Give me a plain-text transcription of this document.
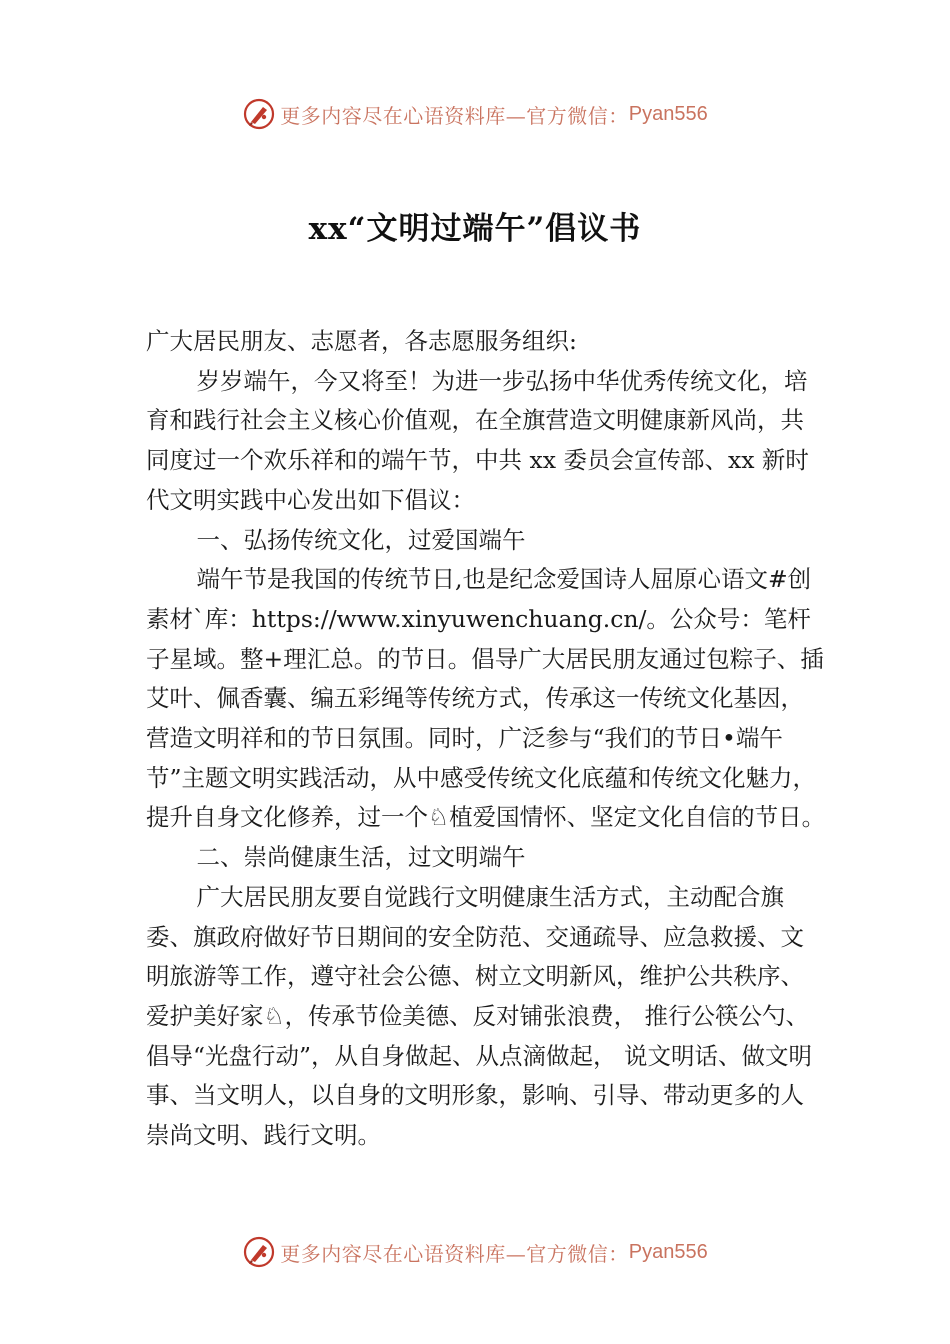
更多内容尽在心语资料库—官方微信： Pyan556
xx“文明过端午”倡议书

广大居民朋友、志愿者，各志愿服务组织:

岁岁端午，今又将至！为进一步弘扬中华优秀传统文化，培育和践行社会主义核心价值观，在全旗营造文明健康新风尚，共同度过一个欢乐祥和的端午节，中共 xx 委员会宣传部、xx 新时代文明实践中心发出如下倡议：

一、弘扬传统文化，过爱国端午

端午节是我国的传统节日,也是纪念爱国诗人屈原心语文#创素材`库：https://www.xinyuwenchuang.cn/。公众号：笔杆子星域。整+理汇总。的节日。倡导广大居民朋友通过包粽子、插艾叶、佩香囊、编五彩绳等传统方式，传承这一传统文化基因，营造文明祥和的节日氛围。同时，广泛参与“我们的节日•端午节”主题文明实践活动，从中感受传统文化底蕴和传统文化魅力，提升自身文化修养，过一个♘植爱国情怀、坚定文化自信的节日。

二、崇尚健康生活，过文明端午

广大居民朋友要自觉践行文明健康生活方式，主动配合旗委、旗政府做好节日期间的安全防范、交通疏导、应急救援、文明旅游等工作，遵守社会公德、树立文明新风，维护公共秩序、爱护美好家♘，传承节俭美德、反对铺张浪费， 推行公筷公勺、倡导“光盘行动”，从自身做起、从点滴做起， 说文明话、做文明事、当文明人，以自身的文明形象，影响、引导、带动更多的人崇尚文明、践行文明。

更多内容尽在心语资料库—官方微信： Pyan556
